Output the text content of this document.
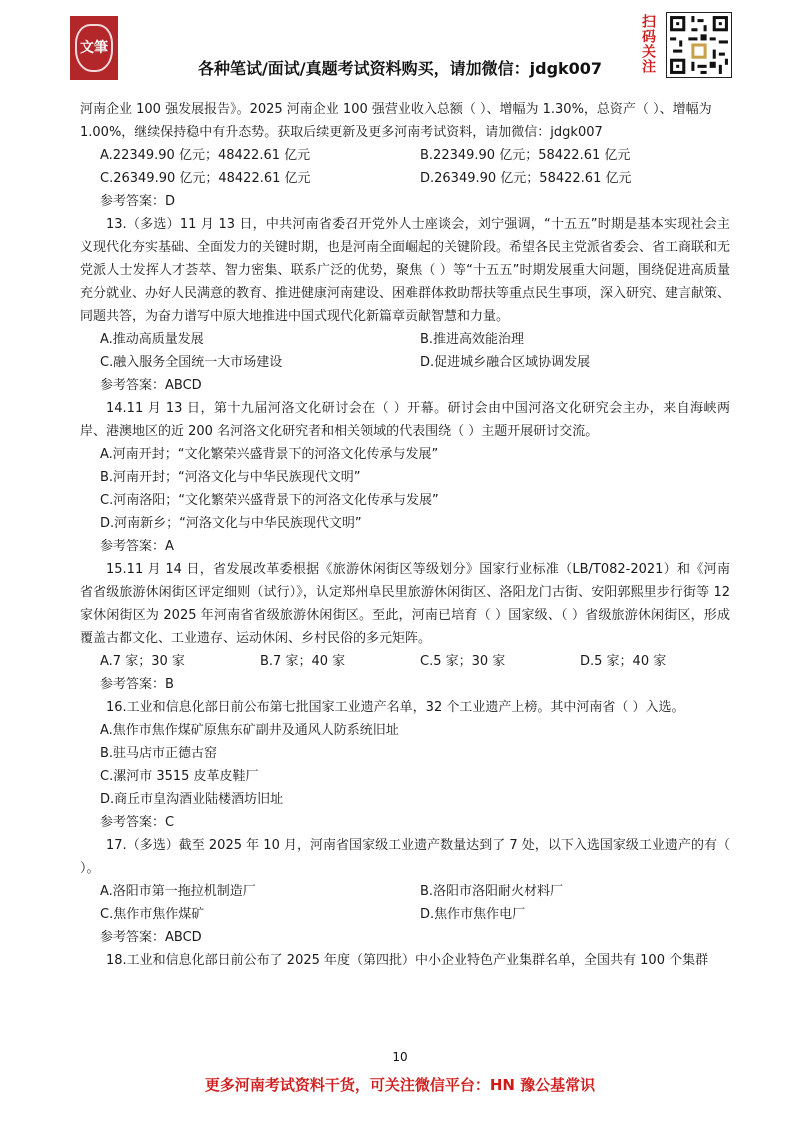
文筆
各种笔试/面试/真题考试资料购买，请加微信：jdgk007	扫码关注
河南企业 100 强发展报告》。2025 河南企业 100 强营业收入总额（ ）、增幅为 1.30%，总资产（ ）、增幅为
1.00%，继续保持稳中有升态势。获取后续更新及更多河南考试资料，请加微信：jdgk007
A.22349.90 亿元；48422.61 亿元	B.22349.90 亿元；58422.61 亿元
C.26349.90 亿元；48422.61 亿元	D.26349.90 亿元；58422.61 亿元
参考答案：D
13.（多选）11 月 13 日，中共河南省委召开党外人士座谈会，刘宁强调，“十五五”时期是基本实现社会主义现代化夯实基础、全面发力的关键时期，也是河南全面崛起的关键阶段。希望各民主党派省委会、省工商联和无党派人士发挥人才荟萃、智力密集、联系广泛的优势，聚焦（ ）等“十五五”时期发展重大问题，围绕促进高质量充分就业、办好人民满意的教育、推进健康河南建设、困难群体救助帮扶等重点民生事项，深入研究、建言献策、同题共答，为奋力谱写中原大地推进中国式现代化新篇章贡献智慧和力量。
A.推动高质量发展	B.推进高效能治理
C.融入服务全国统一大市场建设	D.促进城乡融合区域协调发展
参考答案：ABCD
14.11 月 13 日，第十九届河洛文化研讨会在（ ）开幕。研讨会由中国河洛文化研究会主办，来自海峡两岸、港澳地区的近 200 名河洛文化研究者和相关领域的代表围绕（ ）主题开展研讨交流。
A.河南开封；“文化繁荣兴盛背景下的河洛文化传承与发展”
B.河南开封；“河洛文化与中华民族现代文明”
C.河南洛阳；“文化繁荣兴盛背景下的河洛文化传承与发展”
D.河南新乡；“河洛文化与中华民族现代文明”
参考答案：A
15.11 月 14 日，省发展改革委根据《旅游休闲街区等级划分》国家行业标准（LB/T082-2021）和《河南省省级旅游休闲街区评定细则（试行）》，认定郑州阜民里旅游休闲街区、洛阳龙门古街、安阳郭熙里步行街等 12 家休闲街区为 2025 年河南省省级旅游休闲街区。至此，河南已培育（ ）国家级、（ ）省级旅游休闲街区，形成覆盖古都文化、工业遗存、运动休闲、乡村民俗的多元矩阵。
A.7 家；30 家	B.7 家；40 家	C.5 家；30 家	D.5 家；40 家
参考答案：B
16.工业和信息化部日前公布第七批国家工业遗产名单，32 个工业遗产上榜。其中河南省（ ）入选。
A.焦作市焦作煤矿原焦东矿副井及通风人防系统旧址
B.驻马店市正德古窑
C.漯河市 3515 皮革皮鞋厂
D.商丘市皇沟酒业陆楼酒坊旧址
参考答案：C
17.（多选）截至 2025 年 10 月，河南省国家级工业遗产数量达到了 7 处，以下入选国家级工业遗产的有（ ）。
A.洛阳市第一拖拉机制造厂	B.洛阳市洛阳耐火材料厂
C.焦作市焦作煤矿	D.焦作市焦作电厂
参考答案：ABCD
18.工业和信息化部日前公布了 2025 年度（第四批）中小企业特色产业集群名单，全国共有 100 个集群
10
更多河南考试资料干货，可关注微信平台：HN 豫公基常识
